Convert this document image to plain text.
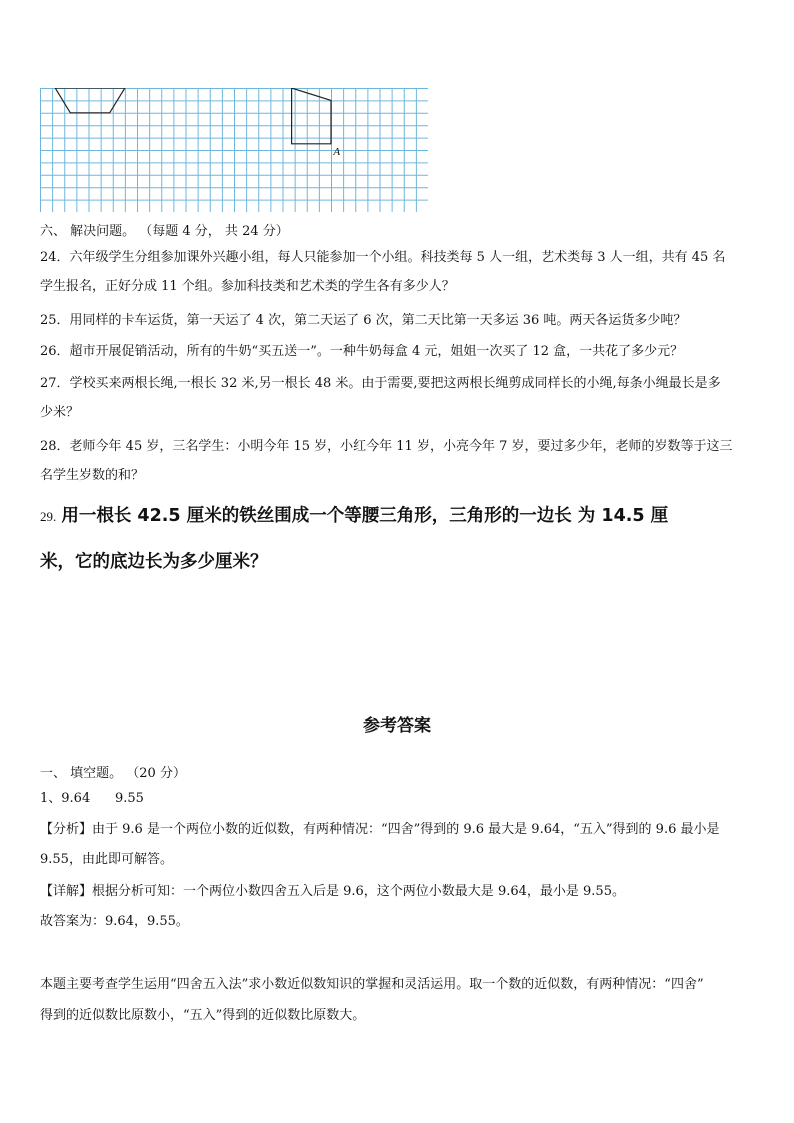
A
六、 解决问题。 （每题 4 分， 共 24 分）
24．六年级学生分组参加课外兴趣小组，每人只能参加一个小组。科技类每 5 人一组，艺术类每 3 人一组，共有 45 名
学生报名，正好分成 11 个组。参加科技类和艺术类的学生各有多少人？
25．用同样的卡车运货，第一天运了 4 次，第二天运了 6 次，第二天比第一天多运 36 吨。两天各运货多少吨？
26．超市开展促销活动，所有的牛奶“买五送一”。一种牛奶每盒 4 元，姐姐一次买了 12 盒，一共花了多少元？
27．学校买来两根长绳,一根长 32 米,另一根长 48 米。由于需要,要把这两根长绳剪成同样长的小绳,每条小绳最长是多
少米？
28．老师今年 45 岁，三名学生：小明今年 15 岁，小红今年 11 岁，小亮今年 7 岁，要过多少年，老师的岁数等于这三
名学生岁数的和？
29. 用一根长 42.5 厘米的铁丝围成一个等腰三角形，三角形的一边长 为 14.5 厘
米，它的底边长为多少厘米？
参考答案
一、 填空题。 （20 分）
1、9.64      9.55
【分析】由于 9.6 是一个两位小数的近似数，有两种情况：“四舍”得到的 9.6 最大是 9.64，“五入”得到的 9.6 最小是
9.55，由此即可解答。
【详解】根据分析可知：一个两位小数四舍五入后是 9.6，这个两位小数最大是 9.64，最小是 9.55。
故答案为：9.64，9.55。
本题主要考查学生运用“四舍五入法”求小数近似数知识的掌握和灵活运用。取一个数的近似数，有两种情况：“四舍”
得到的近似数比原数小，“五入”得到的近似数比原数大。
